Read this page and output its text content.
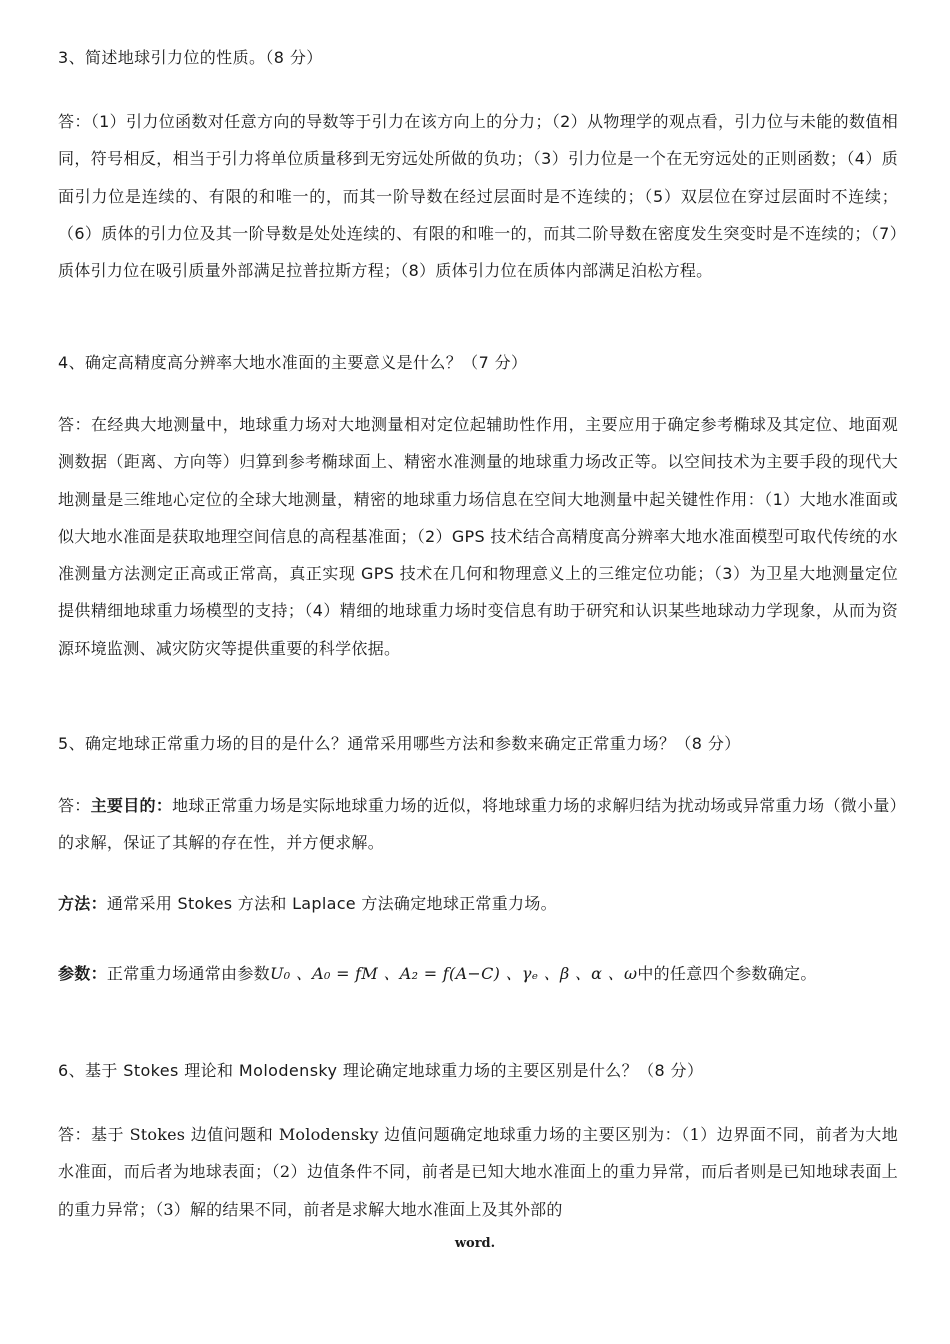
3、简述地球引力位的性质。（8 分）

答：（1）引力位函数对任意方向的导数等于引力在该方向上的分力；（2）从物理学的观点看，引力位与未能的数值相同，符号相反，相当于引力将单位质量移到无穷远处所做的负功；（3）引力位是一个在无穷远处的正则函数；（4）质面引力位是连续的、有限的和唯一的，而其一阶导数在经过层面时是不连续的；（5）双层位在穿过层面时不连续；（6）质体的引力位及其一阶导数是处处连续的、有限的和唯一的，而其二阶导数在密度发生突变时是不连续的；（7）质体引力位在吸引质量外部满足拉普拉斯方程；（8）质体引力位在质体内部满足泊松方程。

4、确定高精度高分辨率大地水准面的主要意义是什么？（7 分）

答：在经典大地测量中，地球重力场对大地测量相对定位起辅助性作用，主要应用于确定参考椭球及其定位、地面观测数据（距离、方向等）归算到参考椭球面上、精密水准测量的地球重力场改正等。以空间技术为主要手段的现代大地测量是三维地心定位的全球大地测量，精密的地球重力场信息在空间大地测量中起关键性作用：（1）大地水准面或似大地水准面是获取地理空间信息的高程基准面；（2）GPS 技术结合高精度高分辨率大地水准面模型可取代传统的水准测量方法测定正高或正常高，真正实现 GPS 技术在几何和物理意义上的三维定位功能；（3）为卫星大地测量定位提供精细地球重力场模型的支持；（4）精细的地球重力场时变信息有助于研究和认识某些地球动力学现象，从而为资源环境监测、减灾防灾等提供重要的科学依据。

5、确定地球正常重力场的目的是什么？通常采用哪些方法和参数来确定正常重力场？（8 分）

答：主要目的：地球正常重力场是实际地球重力场的近似，将地球重力场的求解归结为扰动场或异常重力场（微小量）的求解，保证了其解的存在性，并方便求解。

方法：通常采用 Stokes 方法和 Laplace 方法确定地球正常重力场。

参数：正常重力场通常由参数U₀ 、A₀ = fM 、A₂ = f(A−C) 、γₑ 、β 、α 、ω中的任意四个参数确定。

6、基于 Stokes 理论和 Molodensky 理论确定地球重力场的主要区别是什么？（8 分）

答：基于 Stokes 边值问题和 Molodensky 边值问题确定地球重力场的主要区别为：（1）边界面不同，前者为大地水准面，而后者为地球表面；（2）边值条件不同，前者是已知大地水准面上的重力异常，而后者则是已知地球表面上的重力异常；（3）解的结果不同，前者是求解大地水准面上及其外部的

word.
